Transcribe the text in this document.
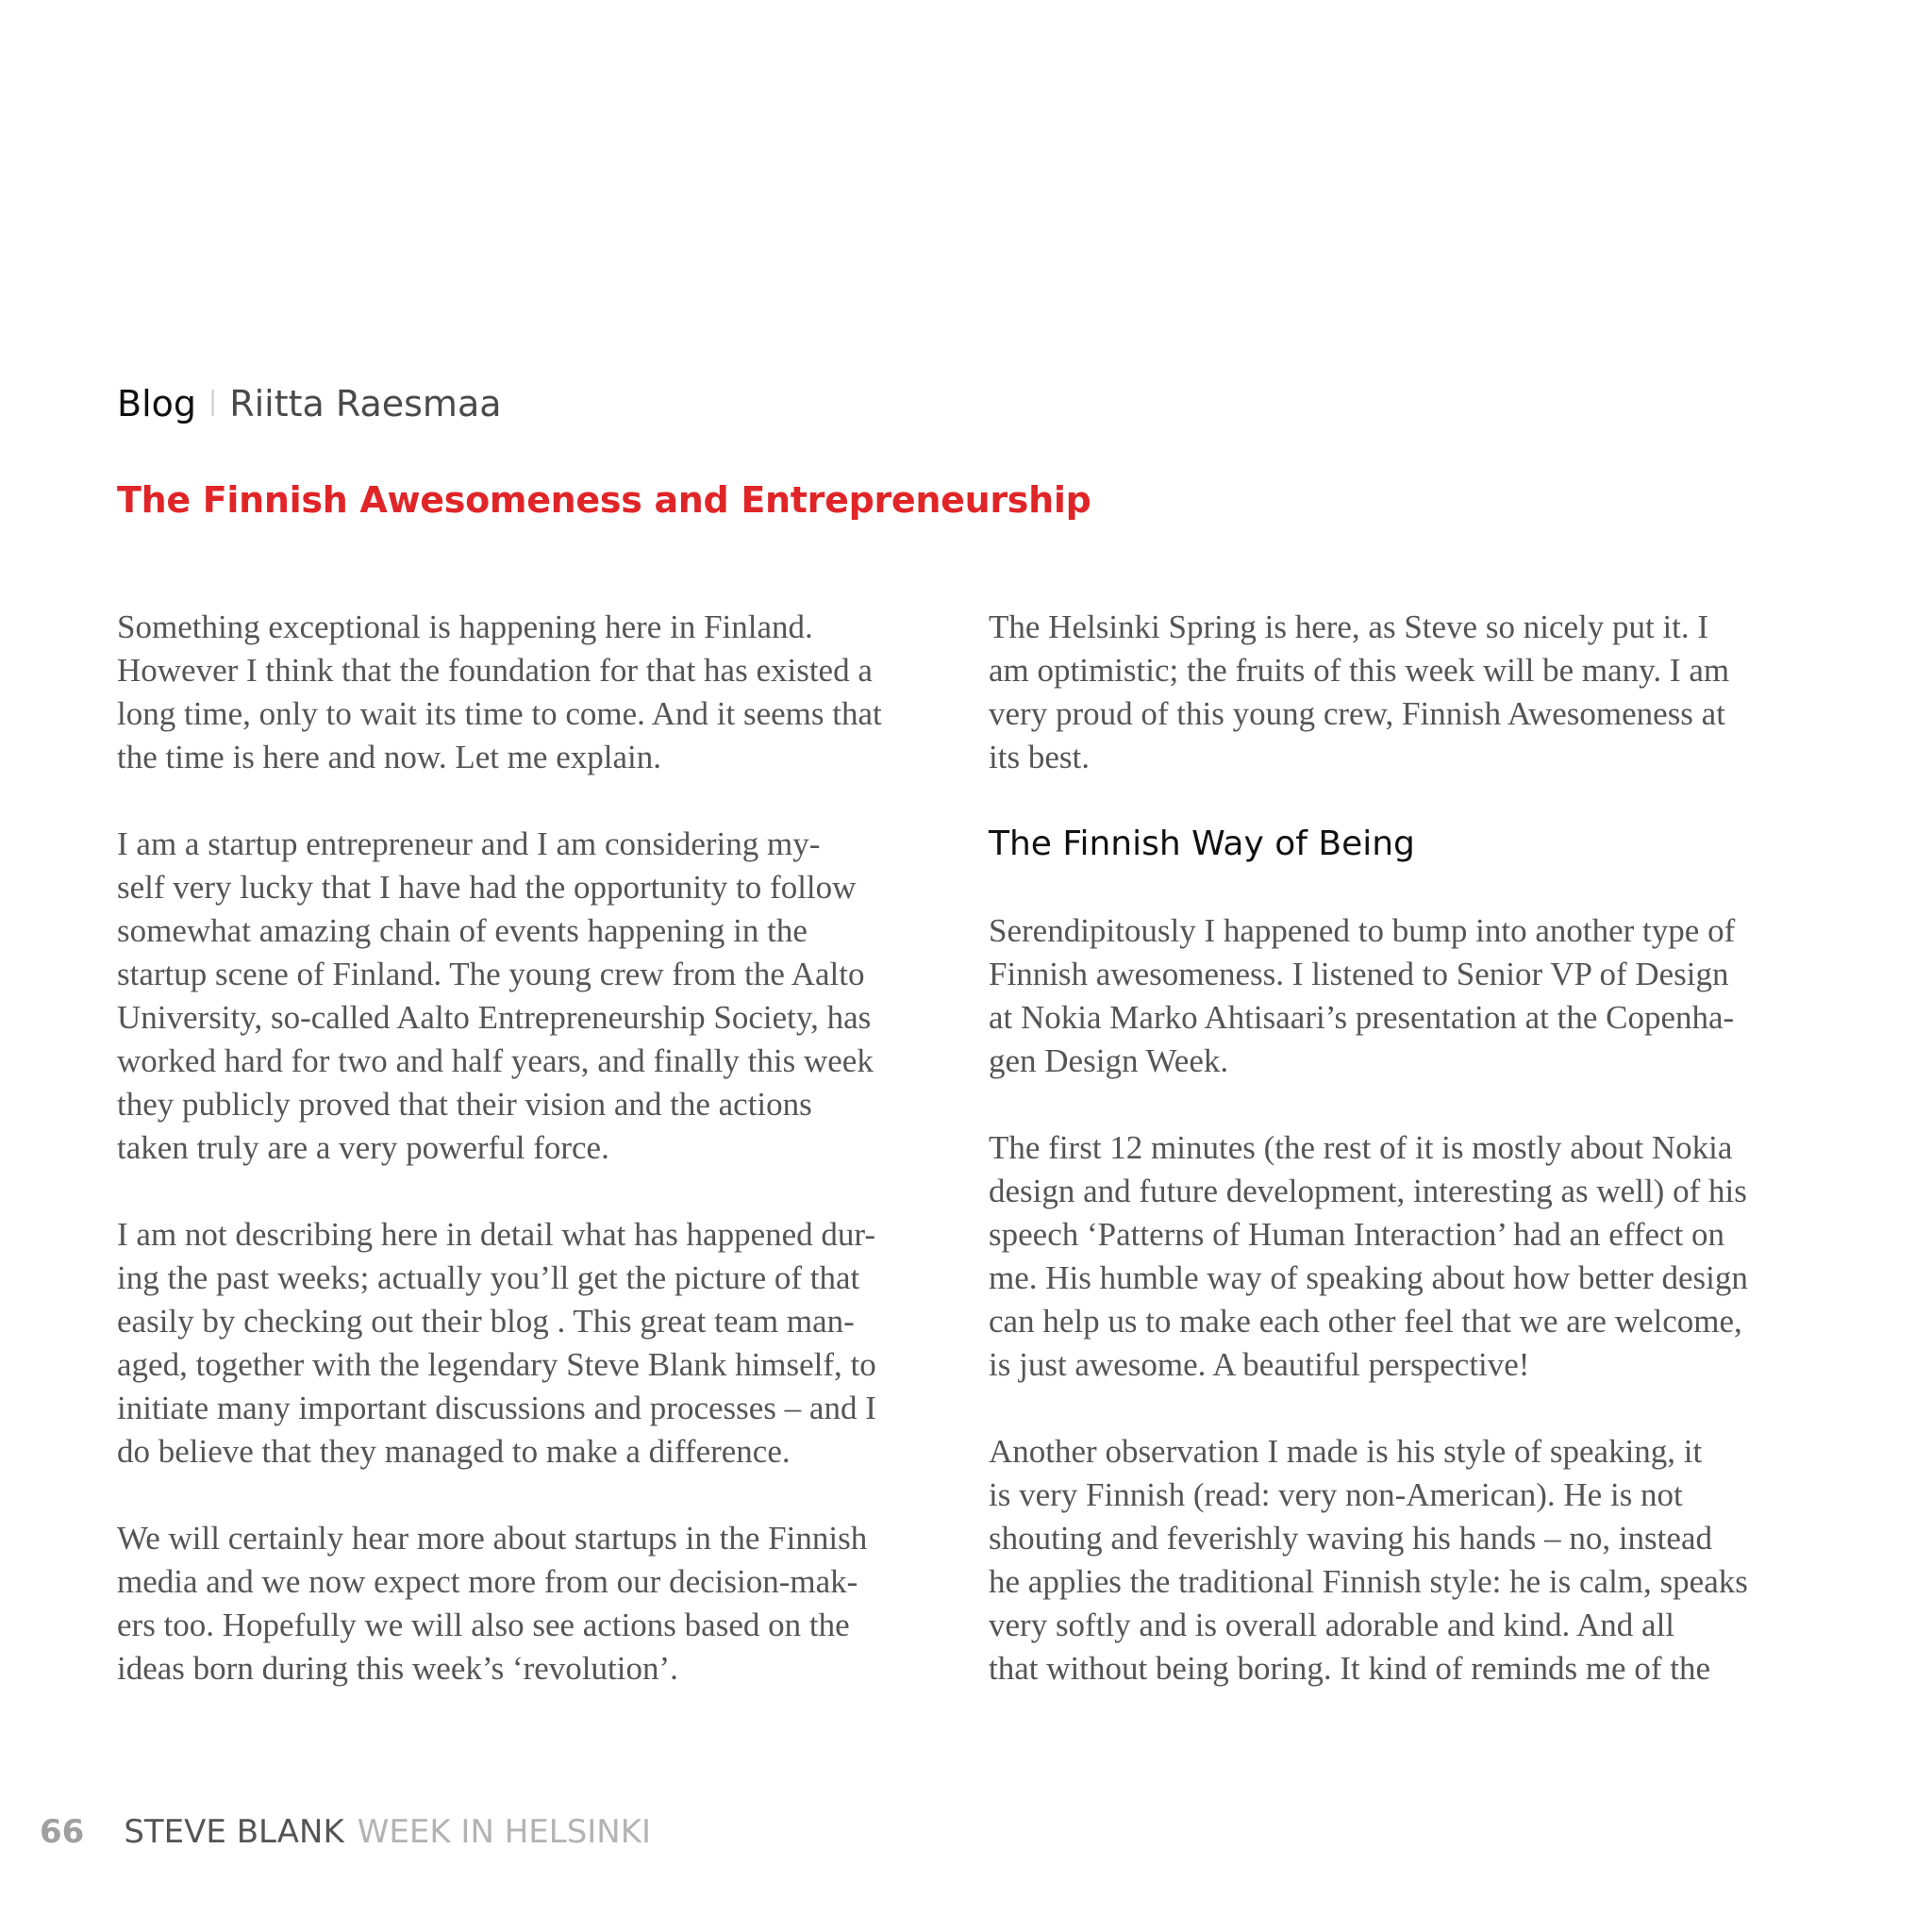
Blog I Riitta Raesmaa
The Finnish Awesomeness and Entrepreneurship
Something exceptional is happening here in Finland.
However I think that the foundation for that has existed a
long time, only to wait its time to come. And it seems that
the time is here and now. Let me explain.
I am a startup entrepreneur and I am considering my-
self very lucky that I have had the opportunity to follow
somewhat amazing chain of events happening in the
startup scene of Finland. The young crew from the Aalto
University, so-called Aalto Entrepreneurship Society, has
worked hard for two and half years, and finally this week
they publicly proved that their vision and the actions
taken truly are a very powerful force.
I am not describing here in detail what has happened dur-
ing the past weeks; actually you’ll get the picture of that
easily by checking out their blog . This great team man-
aged, together with the legendary Steve Blank himself, to
initiate many important discussions and processes – and I
do believe that they managed to make a difference.
We will certainly hear more about startups in the Finnish
media and we now expect more from our decision-mak-
ers too. Hopefully we will also see actions based on the
ideas born during this week’s ‘revolution’.
The Helsinki Spring is here, as Steve so nicely put it. I
am optimistic; the fruits of this week will be many. I am
very proud of this young crew, Finnish Awesomeness at
its best.
The Finnish Way of Being
Serendipitously I happened to bump into another type of
Finnish awesomeness. I listened to Senior VP of Design
at Nokia Marko Ahtisaari’s presentation at the Copenha-
gen Design Week.
The first 12 minutes (the rest of it is mostly about Nokia
design and future development, interesting as well) of his
speech ‘Patterns of Human Interaction’ had an effect on
me. His humble way of speaking about how better design
can help us to make each other feel that we are welcome,
is just awesome. A beautiful perspective!
Another observation I made is his style of speaking, it
is very Finnish (read: very non-American). He is not
shouting and feverishly waving his hands – no, instead
he applies the traditional Finnish style: he is calm, speaks
very softly and is overall adorable and kind. And all
that without being boring. It kind of reminds me of the
66 STEVE BLANK WEEK IN HELSINKI
